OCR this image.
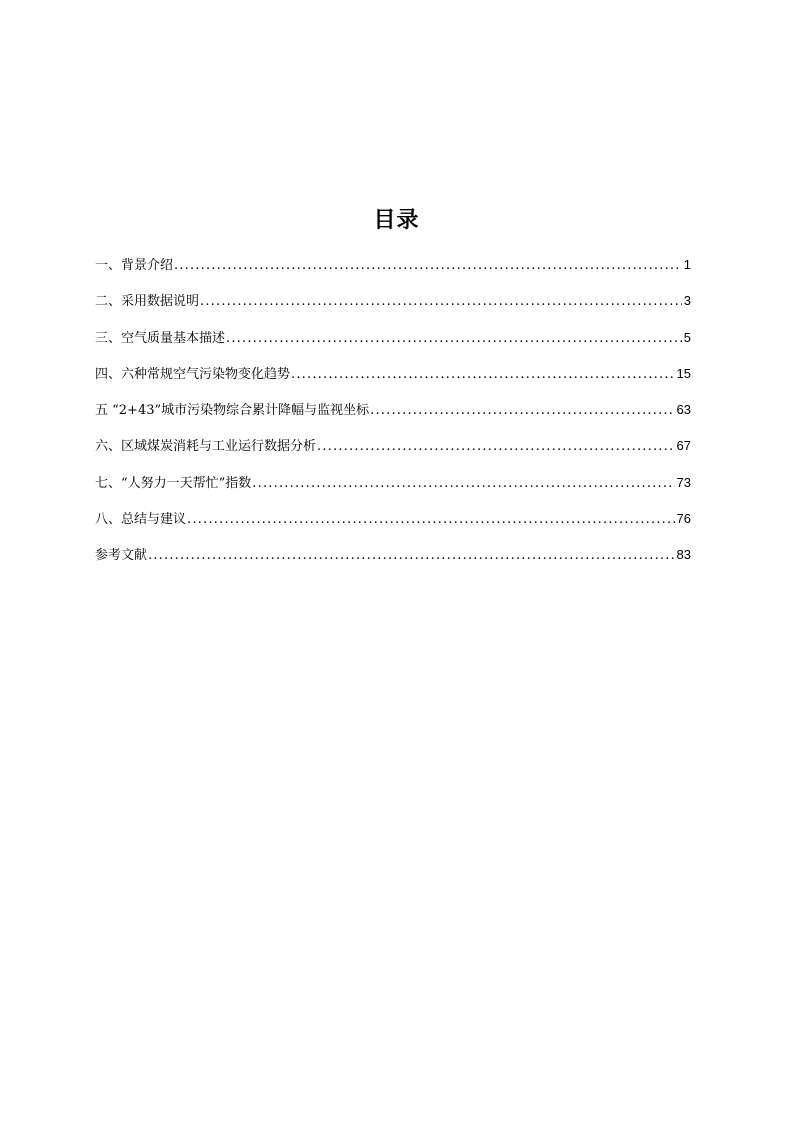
目录
一、背景介绍 .....	1
二、采用数据说明 .....	3
三、空气质量基本描述 .....	5
四、六种常规空气污染物变化趋势 .....	15
五 “2+43”城市污染物综合累计降幅与监视坐标 .....	63
六、区域煤炭消耗与工业运行数据分析 .....	67
七、“人努力一天帮忙”指数 .....	73
八、总结与建议 .....	76
参考文献 .....	83
